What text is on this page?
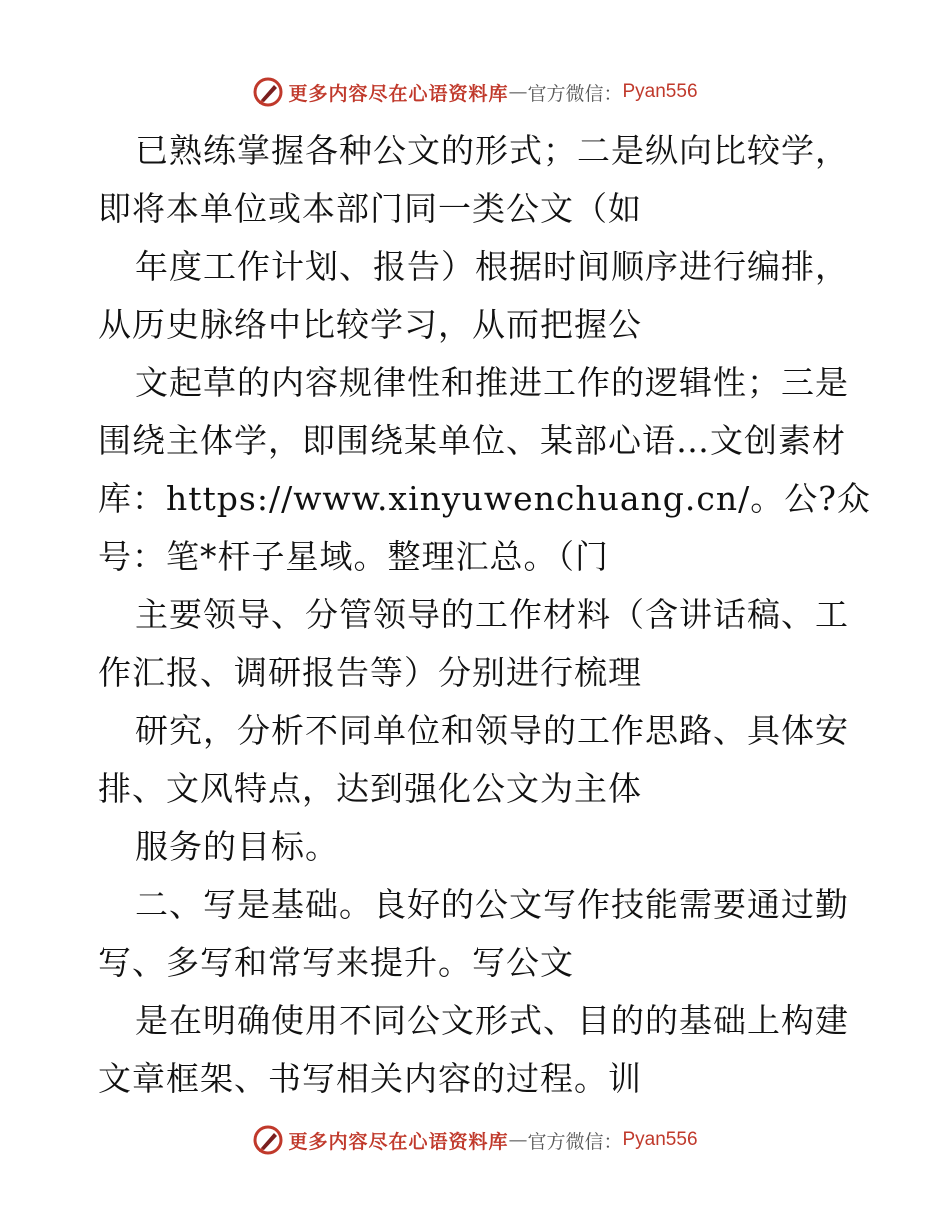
更多内容尽在心语资料库 — 官方微信： Pyan556
已熟练掌握各种公文的形式；二是纵向比较学，
即将本单位或本部门同一类公文（如
年度工作计划、报告）根据时间顺序进行编排，
从历史脉络中比较学习，从而把握公
文起草的内容规律性和推进工作的逻辑性；三是
围绕主体学，即围绕某单位、某部心语…文创素材
库：https://www.xinyuwenchuang.cn/。公?众
号：笔*杆子星域。整理汇总。（门
主要领导、分管领导的工作材料（含讲话稿、工
作汇报、调研报告等）分别进行梳理
研究，分析不同单位和领导的工作思路、具体安
排、文风特点，达到强化公文为主体
服务的目标。
二、写是基础。良好的公文写作技能需要通过勤
写、多写和常写来提升。写公文
是在明确使用不同公文形式、目的的基础上构建
文章框架、书写相关内容的过程。训
更多内容尽在心语资料库 — 官方微信： Pyan556
